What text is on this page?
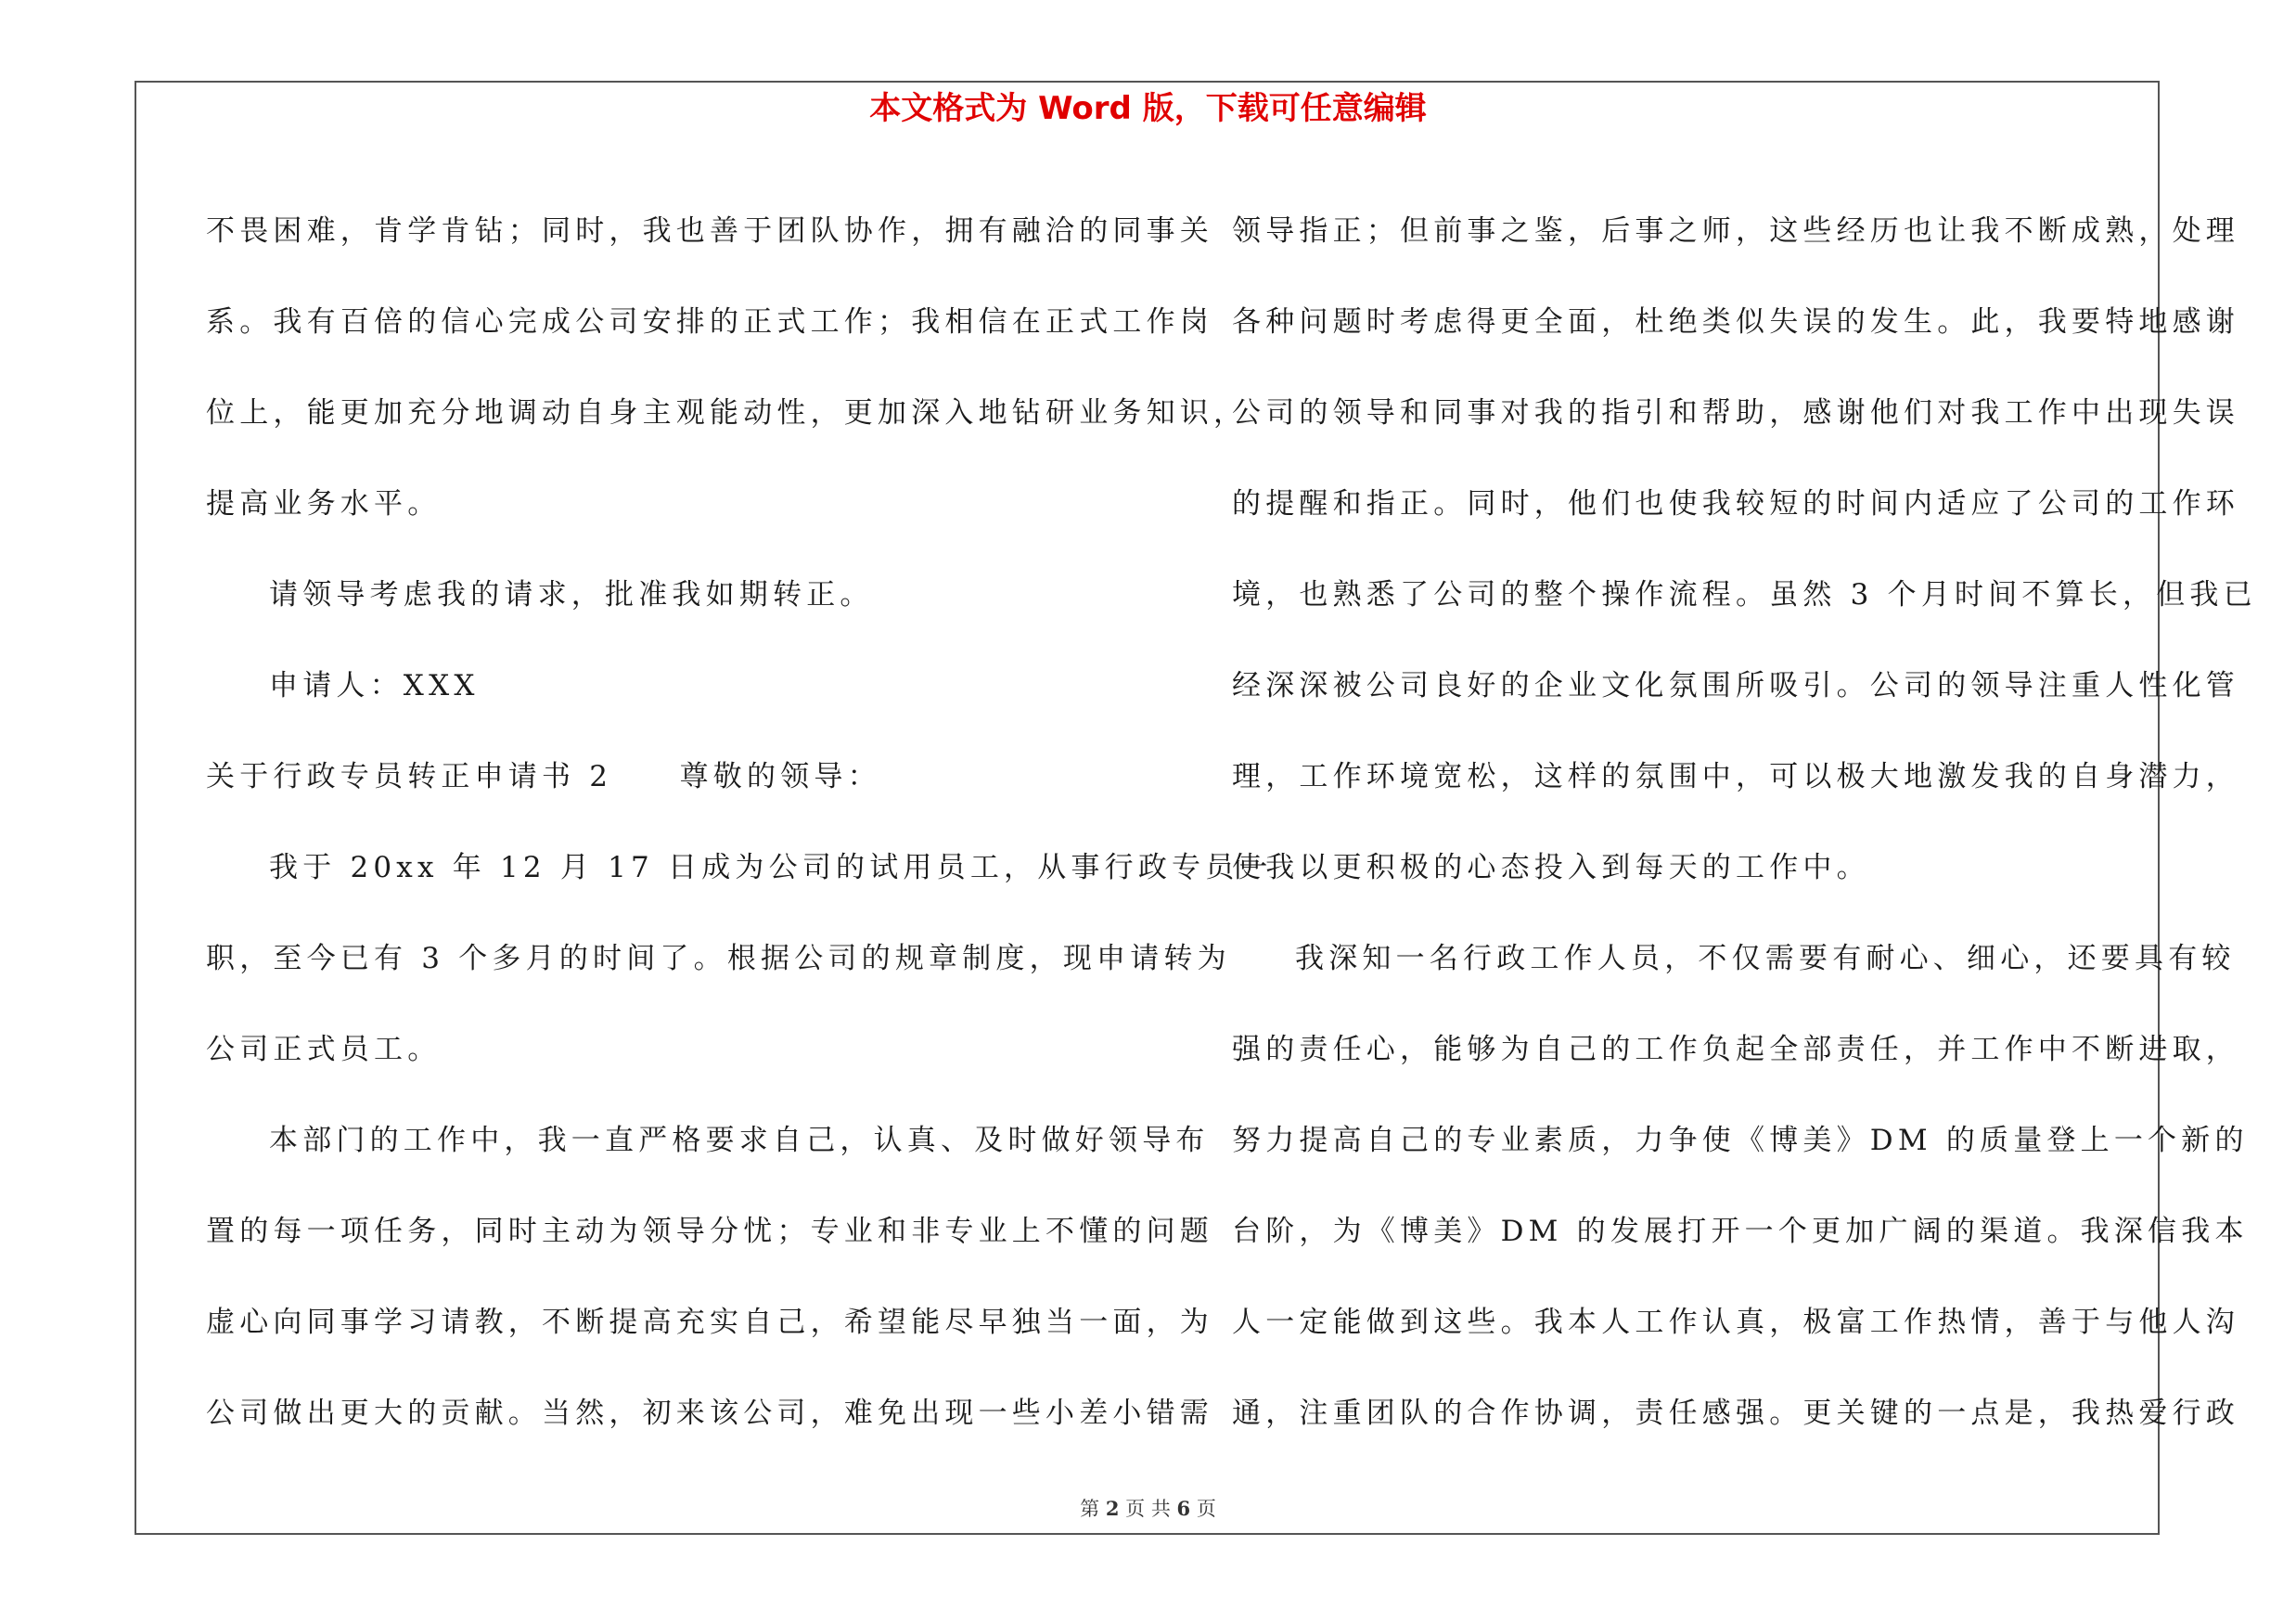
本文格式为 Word 版，下载可任意编辑

不畏困难，肯学肯钻；同时，我也善于团队协作，拥有融洽的同事关
系。我有百倍的信心完成公司安排的正式工作；我相信在正式工作岗
位上，能更加充分地调动自身主观能动性，更加深入地钻研业务知识，
提高业务水平。
请领导考虑我的请求，批准我如期转正。
申请人：XXX
关于行政专员转正申请书 2　　尊敬的领导：
我于 20xx 年 12 月 17 日成为公司的试用员工，从事行政专员一
职，至今已有 3 个多月的时间了。根据公司的规章制度，现申请转为
公司正式员工。
本部门的工作中，我一直严格要求自己，认真、及时做好领导布
置的每一项任务，同时主动为领导分忧；专业和非专业上不懂的问题
虚心向同事学习请教，不断提高充实自己，希望能尽早独当一面，为
公司做出更大的贡献。当然，初来该公司，难免出现一些小差小错需

领导指正；但前事之鉴，后事之师，这些经历也让我不断成熟，处理
各种问题时考虑得更全面，杜绝类似失误的发生。此，我要特地感谢
公司的领导和同事对我的指引和帮助，感谢他们对我工作中出现失误
的提醒和指正。同时，他们也使我较短的时间内适应了公司的工作环
境，也熟悉了公司的整个操作流程。虽然 3 个月时间不算长，但我已
经深深被公司良好的企业文化氛围所吸引。公司的领导注重人性化管
理，工作环境宽松，这样的氛围中，可以极大地激发我的自身潜力，
使我以更积极的心态投入到每天的工作中。
我深知一名行政工作人员，不仅需要有耐心、细心，还要具有较
强的责任心，能够为自己的工作负起全部责任，并工作中不断进取，
努力提高自己的专业素质，力争使《博美》DM 的质量登上一个新的
台阶，为《博美》DM 的发展打开一个更加广阔的渠道。我深信我本
人一定能做到这些。我本人工作认真，极富工作热情，善于与他人沟
通，注重团队的合作协调，责任感强。更关键的一点是，我热爱行政

第 2 页 共 6 页
